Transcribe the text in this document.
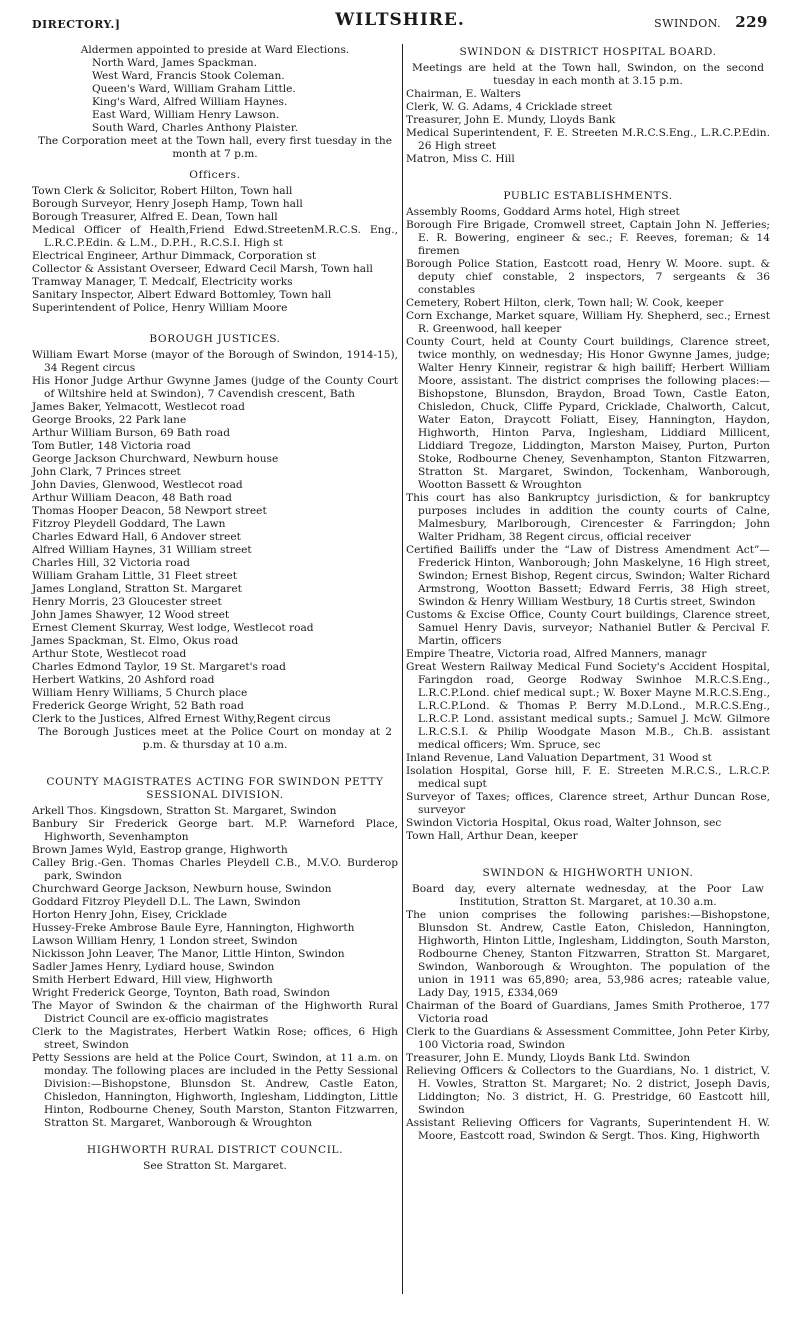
DIRECTORY.]	WILTSHIRE.	SWINDON. 229
Aldermen appointed to preside at Ward Elections.
North Ward, James Spackman.
West Ward, Francis Stook Coleman.
Queen's Ward, William Graham Little.
King's Ward, Alfred William Haynes.
East Ward, William Henry Lawson.
South Ward, Charles Anthony Plaister.
The Corporation meet at the Town hall, every first tuesday in the month at 7 p.m.
Officers.
Town Clerk & Solicitor, Robert Hilton, Town hall
Borough Surveyor, Henry Joseph Hamp, Town hall
Borough Treasurer, Alfred E. Dean, Town hall
Medical Officer of Health,Friend Edwd.StreetenM.R.C.S. Eng., L.R.C.P.Edin. & L.M., D.P.H., R.C.S.I. High st
Electrical Engineer, Arthur Dimmack, Corporation st
Collector & Assistant Overseer, Edward Cecil Marsh, Town hall
Tramway Manager, T. Medcalf, Electricity works
Sanitary Inspector, Albert Edward Bottomley, Town hall
Superintendent of Police, Henry William Moore
BOROUGH JUSTICES.
William Ewart Morse (mayor of the Borough of Swindon, 1914-15), 34 Regent circus
His Honor Judge Arthur Gwynne James (judge of the County Court of Wiltshire held at Swindon), 7 Cavendish crescent, Bath
James Baker, Yelmacott, Westlecot road
George Brooks, 22 Park lane
Arthur William Burson, 69 Bath road
Tom Butler, 148 Victoria road
George Jackson Churchward, Newburn house
John Clark, 7 Princes street
John Davies, Glenwood, Westlecot road
Arthur William Deacon, 48 Bath road
Thomas Hooper Deacon, 58 Newport street
Fitzroy Pleydell Goddard, The Lawn
Charles Edward Hall, 6 Andover street
Alfred William Haynes, 31 William street
Charles Hill, 32 Victoria road
William Graham Little, 31 Fleet street
James Longland, Stratton St. Margaret
Henry Morris, 23 Gloucester street
John James Shawyer, 12 Wood street
Ernest Clement Skurray, West lodge, Westlecot road
James Spackman, St. Elmo, Okus road
Arthur Stote, Westlecot road
Charles Edmond Taylor, 19 St. Margaret's road
Herbert Watkins, 20 Ashford road
William Henry Williams, 5 Church place
Frederick George Wright, 52 Bath road
Clerk to the Justices, Alfred Ernest Withy,Regent circus
The Borough Justices meet at the Police Court on monday at 2 p.m. & thursday at 10 a.m.
COUNTY MAGISTRATES ACTING FOR SWINDON PETTY SESSIONAL DIVISION.
Arkell Thos. Kingsdown, Stratton St. Margaret, Swindon
Banbury Sir Frederick George bart. M.P. Warneford Place, Highworth, Sevenhampton
Brown James Wyld, Eastrop grange, Highworth
Calley Brig.-Gen. Thomas Charles Pleydell C.B., M.V.O. Burderop park, Swindon
Churchward George Jackson, Newburn house, Swindon
Goddard Fitzroy Pleydell D.L. The Lawn, Swindon
Horton Henry John, Eisey, Cricklade
Hussey-Freke Ambrose Baule Eyre, Hannington, Highworth
Lawson William Henry, 1 London street, Swindon
Nickisson John Leaver, The Manor, Little Hinton, Swindon
Sadler James Henry, Lydiard house, Swindon
Smith Herbert Edward, Hill view, Highworth
Wright Frederick George, Toynton, Bath road, Swindon
The Mayor of Swindon & the chairman of the Highworth Rural District Council are ex-officio magistrates
Clerk to the Magistrates, Herbert Watkin Rose; offices, 6 High street, Swindon
Petty Sessions are held at the Police Court, Swindon, at 11 a.m. on monday. The following places are included in the Petty Sessional Division:—Bishopstone, Blunsdon St. Andrew, Castle Eaton, Chisledon, Hannington, Highworth, Inglesham, Liddington, Little Hinton, Rodbourne Cheney, South Marston, Stanton Fitzwarren, Stratton St. Margaret, Wanborough & Wroughton
HIGHWORTH RURAL DISTRICT COUNCIL.
See Stratton St. Margaret.
SWINDON & DISTRICT HOSPITAL BOARD.
Meetings are held at the Town hall, Swindon, on the second tuesday in each month at 3.15 p.m.
Chairman, E. Walters
Clerk, W. G. Adams, 4 Cricklade street
Treasurer, John E. Mundy, Lloyds Bank
Medical Superintendent, F. E. Streeten M.R.C.S.Eng., L.R.C.P.Edin. 26 High street
Matron, Miss C. Hill
PUBLIC ESTABLISHMENTS.
Assembly Rooms, Goddard Arms hotel, High street
Borough Fire Brigade, Cromwell street, Captain John N. Jefferies; E. R. Bowering, engineer & sec.; F. Reeves, foreman; & 14 firemen
Borough Police Station, Eastcott road, Henry W. Moore. supt. & deputy chief constable, 2 inspectors, 7 sergeants & 36 constables
Cemetery, Robert Hilton, clerk, Town hall; W. Cook, keeper
Corn Exchange, Market square, William Hy. Shepherd, sec.; Ernest R. Greenwood, hall keeper
County Court, held at County Court buildings, Clarence street, twice monthly, on wednesday; His Honor Gwynne James, judge; Walter Henry Kinneir, registrar & high bailiff; Herbert William Moore, assistant. The district comprises the following places:—Bishopstone, Blunsdon, Braydon, Broad Town, Castle Eaton, Chisledon, Chuck, Cliffe Pypard, Cricklade, Chalworth, Calcut, Water Eaton, Draycott Foliatt, Eisey, Hannington, Haydon, Highworth, Hinton Parva, Inglesham, Liddiard Millicent, Liddiard Tregoze, Liddington, Marston Maisey, Purton, Purton Stoke, Rodbourne Cheney, Sevenhampton, Stanton Fitzwarren, Stratton St. Margaret, Swindon, Tockenham, Wanborough, Wootton Bassett & Wroughton
This court has also Bankruptcy jurisdiction, & for bankruptcy purposes includes in addition the county courts of Calne, Malmesbury, Marlborough, Cirencester & Farringdon; John Walter Pridham, 38 Regent circus, official receiver
Certified Bailiffs under the “Law of Distress Amendment Act”—Frederick Hinton, Wanborough; John Maskelyne, 16 High street, Swindon; Ernest Bishop, Regent circus, Swindon; Walter Richard Armstrong, Wootton Bassett; Edward Ferris, 38 High street, Swindon & Henry William Westbury, 18 Curtis street, Swindon
Customs & Excise Office, County Court buildings, Clarence street, Samuel Henry Davis, surveyor; Nathaniel Butler & Percival F. Martin, officers
Empire Theatre, Victoria road, Alfred Manners, managr
Great Western Railway Medical Fund Society's Accident Hospital, Faringdon road, George Rodway Swinhoe M.R.C.S.Eng., L.R.C.P.Lond. chief medical supt.; W. Boxer Mayne M.R.C.S.Eng., L.R.C.P.Lond. & Thomas P. Berry M.D.Lond., M.R.C.S.Eng., L.R.C.P. Lond. assistant medical supts.; Samuel J. McW. Gilmore L.R.C.S.I. & Philip Woodgate Mason M.B., Ch.B. assistant medical officers; Wm. Spruce, sec
Inland Revenue, Land Valuation Department, 31 Wood st
Isolation Hospital, Gorse hill, F. E. Streeten M.R.C.S., L.R.C.P. medical supt
Surveyor of Taxes; offices, Clarence street, Arthur Duncan Rose, surveyor
Swindon Victoria Hospital, Okus road, Walter Johnson, sec
Town Hall, Arthur Dean, keeper
SWINDON & HIGHWORTH UNION.
Board day, every alternate wednesday, at the Poor Law Institution, Stratton St. Margaret, at 10.30 a.m.
The union comprises the following parishes:—Bishopstone, Blunsdon St. Andrew, Castle Eaton, Chisledon, Hannington, Highworth, Hinton Little, Inglesham, Liddington, South Marston, Rodbourne Cheney, Stanton Fitzwarren, Stratton St. Margaret, Swindon, Wanborough & Wroughton. The population of the union in 1911 was 65,890; area, 53,986 acres; rateable value, Lady Day, 1915, £334,069
Chairman of the Board of Guardians, James Smith Protheroe, 177 Victoria road
Clerk to the Guardians & Assessment Committee, John Peter Kirby, 100 Victoria road, Swindon
Treasurer, John E. Mundy, Lloyds Bank Ltd. Swindon
Relieving Officers & Collectors to the Guardians, No. 1 district, V. H. Vowles, Stratton St. Margaret; No. 2 district, Joseph Davis, Liddington; No. 3 district, H. G. Prestridge, 60 Eastcott hill, Swindon
Assistant Relieving Officers for Vagrants, Superintendent H. W. Moore, Eastcott road, Swindon & Sergt. Thos. King, Highworth
